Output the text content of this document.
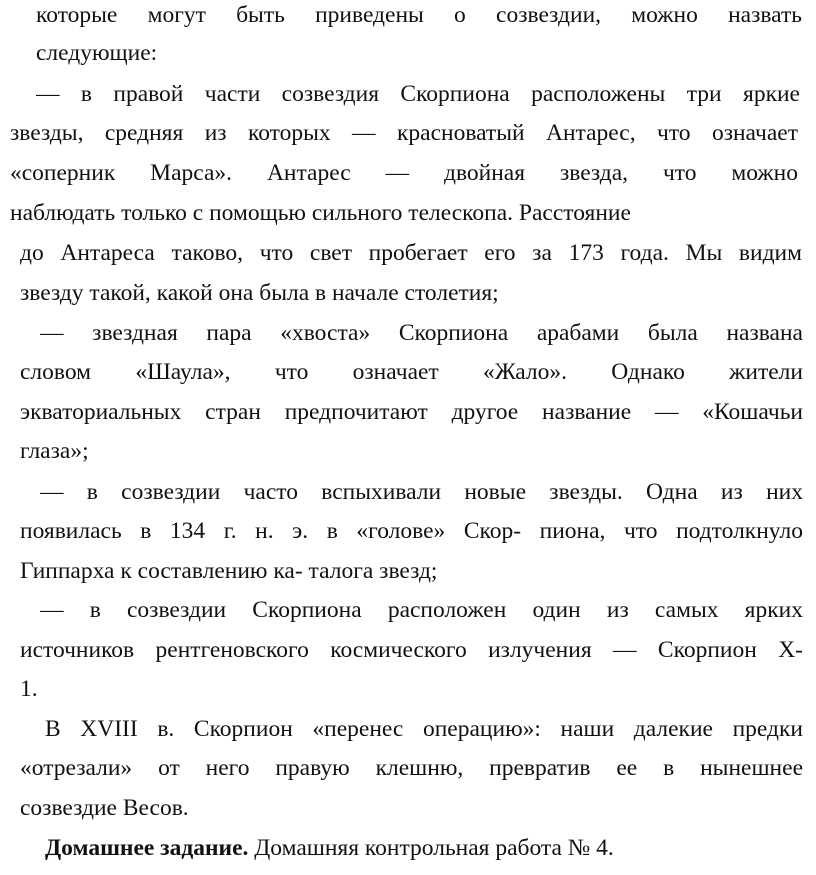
которые могут быть приведены о созвездии, можно назвать
следующие:
— в правой части созвездия Скорпиона расположены три яркие
звезды, средняя из которых — красноватый Антарес, что означает
«соперник Марса». Антарес — двойная звезда, что можно
наблюдать только с помощью сильного телескопа. Расстояние
до Антареса таково, что свет пробегает его за 173 года. Мы видим
звезду такой, какой она была в начале столетия;
— звездная пара «хвоста» Скорпиона арабами была названа
словом «Шаула», что означает «Жало». Однако жители
экваториальных стран предпочитают другое название — «Кошачьи
глаза»;
— в созвездии часто вспыхивали новые звезды. Одна из них
появилась в 134 г. н. э. в «голове» Скор- пиона, что подтолкнуло
Гиппарха к составлению ка- талога звезд;
— в созвездии Скорпиона расположен один из самых ярких
источников рентгеновского космического излучения — Скорпион Х-
1.
В XVIII в. Скорпион «перенес операцию»: наши далекие предки
«отрезали» от него правую клешню, превратив ее в нынешнее
созвездие Весов.
Домашнее задание. Домашняя контрольная работа № 4.
